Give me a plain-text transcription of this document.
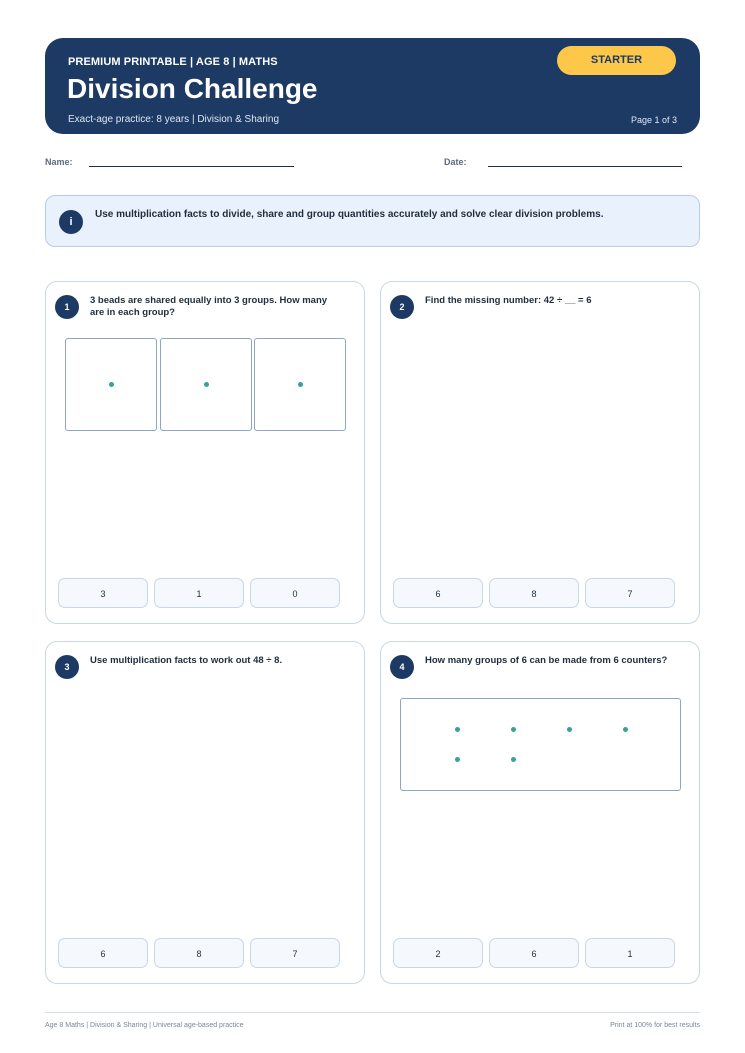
PREMIUM PRINTABLE | AGE 8 | MATHS
Division Challenge
Exact-age practice: 8 years | Division & Sharing	Page 1 of 3
STARTER
Name:	Date:
i
Use multiplication facts to divide, share and group quantities accurately and solve clear division problems.
1
3 beads are shared equally into 3 groups. How many are in each group?
3	1	0
2
Find the missing number: 42 ÷ __ = 6
6	8	7
3
Use multiplication facts to work out 48 ÷ 8.
6	8	7
4
How many groups of 6 can be made from 6 counters?
2	6	1
Age 8 Maths | Division & Sharing | Universal age-based practice	Print at 100% for best results
